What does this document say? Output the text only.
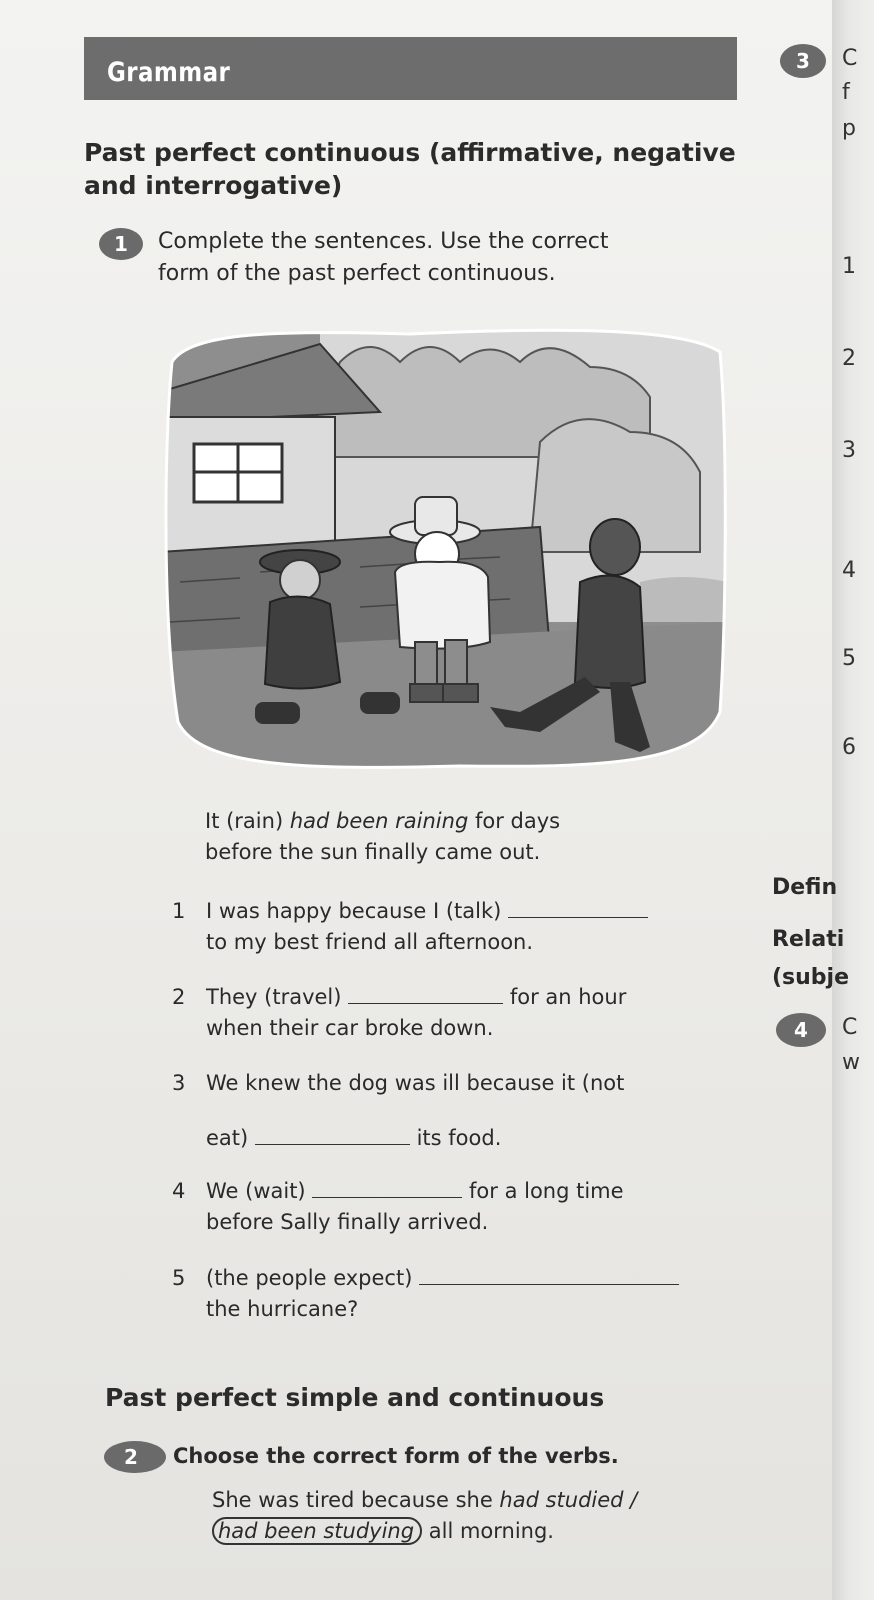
Grammar
Past perfect continuous (affirmative, negative and interrogative)
1	Complete the sentences. Use the correct
form of the past perfect continuous.
It (rain) had been raining for days
before the sun finally came out.
1 I was happy because I (talk)
to my best friend all afternoon.
2 They (travel)	for an hour
when their car broke down.
3 We knew the dog was ill because it (not
eat)	its food.
4 We (wait)	for a long time
before Sally finally arrived.
5 (the people expect)
the hurricane?
Past perfect simple and continuous
2	Choose the correct form of the verbs.
She was tired because she had studied /
had been studying all morning.
3	C
f
p
1
2
3
4
5
6
Defin
Relati
(subje
4	C
w
